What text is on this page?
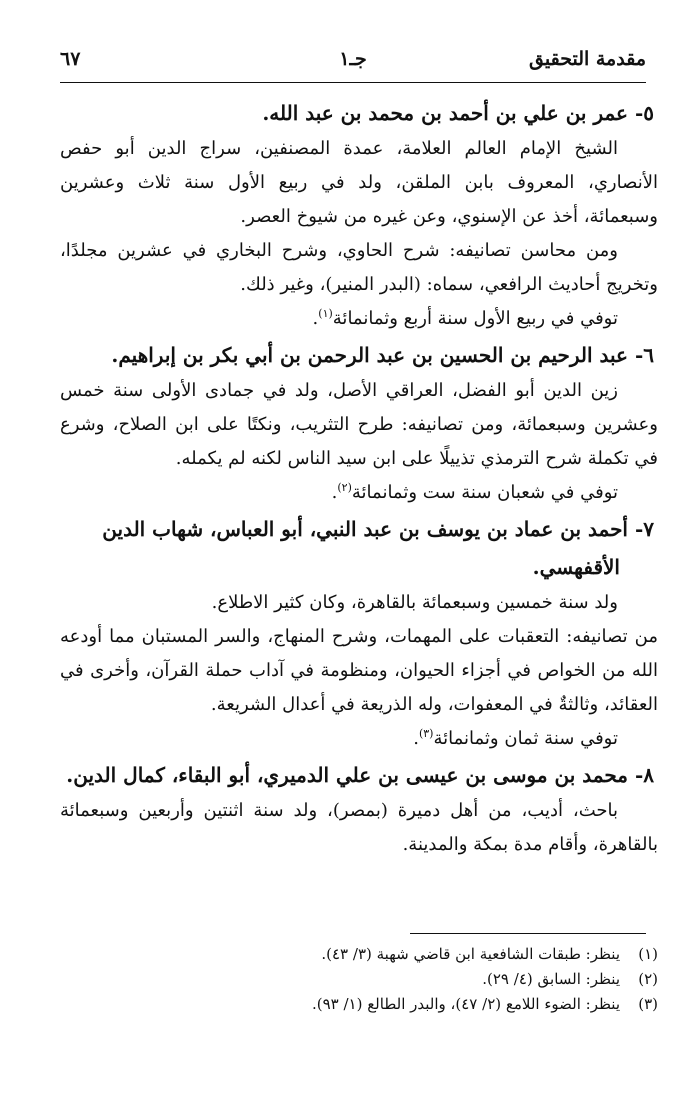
مقدمة التحقيق
جـ١
٦٧

٥- عمر بن علي بن أحمد بن محمد بن عبد الله.

الشيخ الإمام العالم العلامة، عمدة المصنفين، سراج الدين أبو حفص الأنصاري، المعروف بابن الملقن، ولد في ربيع الأول سنة ثلاث وعشرين وسبعمائة، أخذ عن الإسنوي، وعن غيره من شيوخ العصر.

ومن محاسن تصانيفه: شرح الحاوي، وشرح البخاري في عشرين مجلدًا، وتخريج أحاديث الرافعي، سماه: (البدر المنير)، وغير ذلك.

توفي في ربيع الأول سنة أربع وثمانمائة$^{(١)}$.

٦- عبد الرحيم بن الحسين بن عبد الرحمن بن أبي بكر بن إبراهيم.

زين الدين أبو الفضل، العراقي الأصل، ولد في جمادى الأولى سنة خمس وعشرين وسبعمائة، ومن تصانيفه: طرح التثريب، ونكتًا على ابن الصلاح، وشرع في تكملة شرح الترمذي تذييلًا على ابن سيد الناس لكنه لم يكمله.

توفي في شعبان سنة ست وثمانمائة$^{(٢)}$.

٧- أحمد بن عماد بن يوسف بن عبد النبي، أبو العباس، شهاب الدين

الأقفهسي.

ولد سنة خمسين وسبعمائة بالقاهرة، وكان كثير الاطلاع.

من تصانيفه: التعقبات على المهمات، وشرح المنهاج، والسر المستبان مما أودعه الله من الخواص في أجزاء الحيوان، ومنظومة في آداب حملة القرآن، وأخرى في العقائد، وثالثةٌ في المعفوات، وله الذريعة في أعدال الشريعة.

توفي سنة ثمان وثمانمائة$^{(٣)}$.

٨- محمد بن موسى بن عيسى بن علي الدميري، أبو البقاء، كمال الدين.

باحث، أديب، من أهل دميرة (بمصر)، ولد سنة اثنتين وأربعين وسبعمائة بالقاهرة، وأقام مدة بمكة والمدينة.

(١)ينظر: طبقات الشافعية ابن قاضي شهبة (٣/ ٤٣).

(٢)ينظر: السابق (٤/ ٢٩).

(٣)ينظر: الضوء اللامع (٢/ ٤٧)، والبدر الطالع (١/ ٩٣).
